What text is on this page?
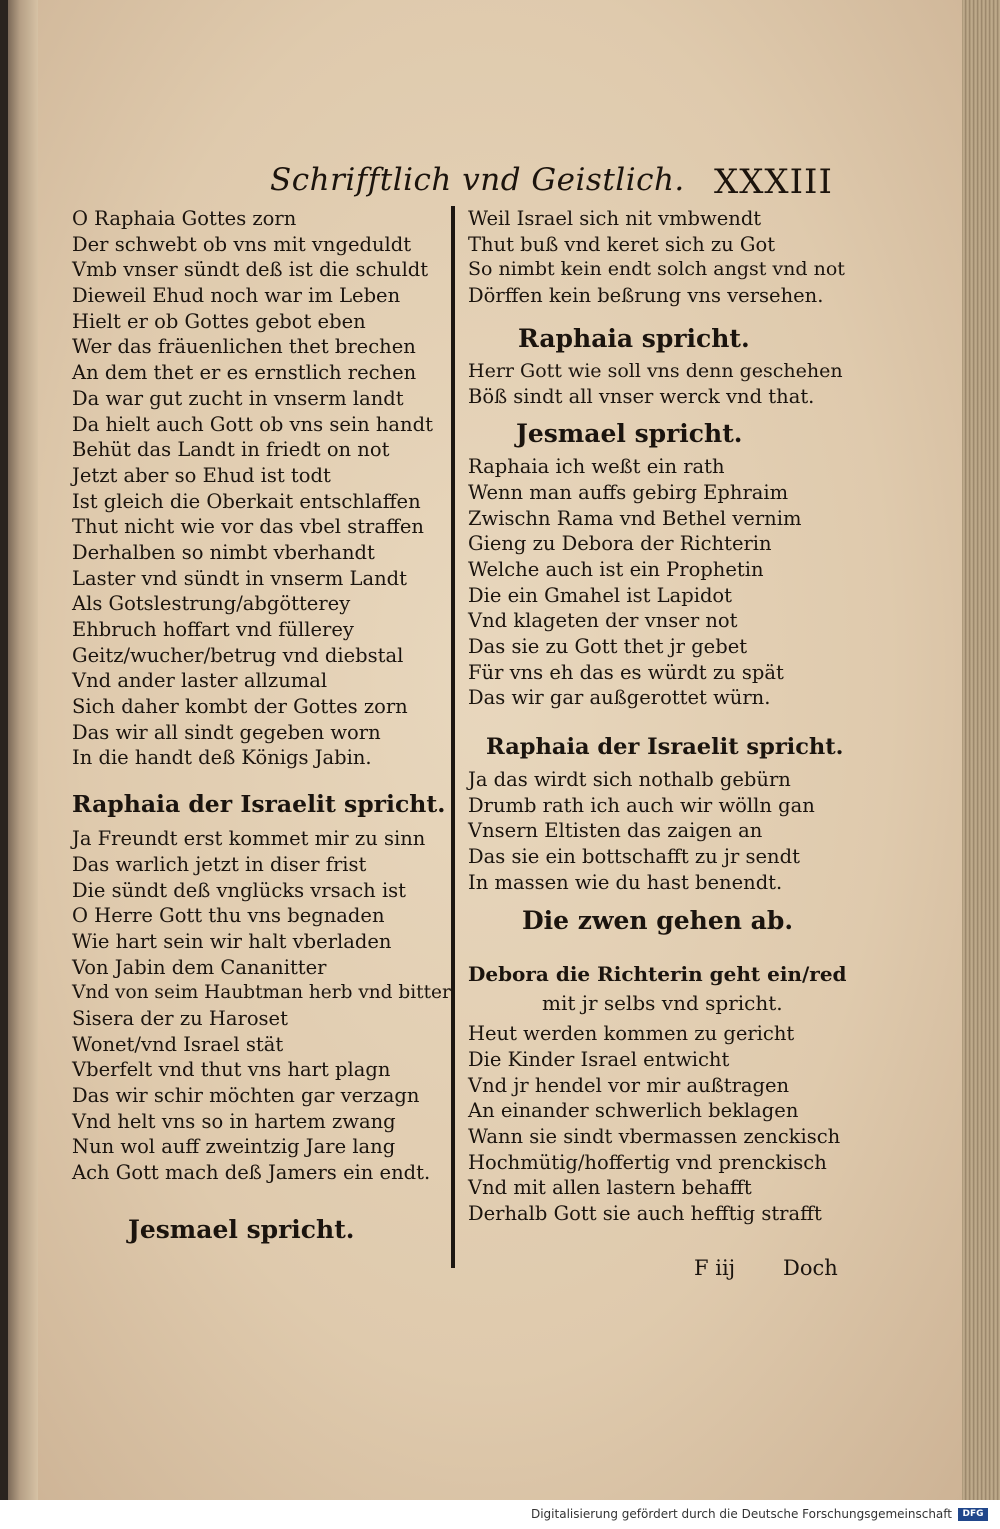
Schrifftlich vnd Geistlich. XXXIII
O Raphaia Gottes zorn
Der schwebt ob vns mit vngeduldt
Vmb vnser sündt deß ist die schuldt
Dieweil Ehud noch war im Leben
Hielt er ob Gottes gebot eben
Wer das fräuenlichen thet brechen
An dem thet er es ernstlich rechen
Da war gut zucht in vnserm landt
Da hielt auch Gott ob vns sein handt
Behüt das Landt in friedt on not
Jetzt aber so Ehud ist todt
Ist gleich die Oberkait entschlaffen
Thut nicht wie vor das vbel straffen
Derhalben so nimbt vberhandt
Laster vnd sündt in vnserm Landt
Als Gotslestrung/abgötterey
Ehbruch hoffart vnd füllerey
Geitz/wucher/betrug vnd diebstal
Vnd ander laster allzumal
Sich daher kombt der Gottes zorn
Das wir all sindt gegeben worn
In die handt deß Königs Jabin.
Raphaia der Israelit spricht.
Ja Freundt erst kommet mir zu sinn
Das warlich jetzt in diser frist
Die sündt deß vnglücks vrsach ist
O Herre Gott thu vns begnaden
Wie hart sein wir halt vberladen
Von Jabin dem Cananitter
Vnd von seim Haubtman herb vnd bitter
Sisera der zu Haroset
Wonet/vnd Israel stät
Vberfelt vnd thut vns hart plagn
Das wir schir möchten gar verzagn
Vnd helt vns so in hartem zwang
Nun wol auff zweintzig Jare lang
Ach Gott mach deß Jamers ein endt.
Jesmael spricht.
Weil Israel sich nit vmbwendt
Thut buß vnd keret sich zu Got
So nimbt kein endt solch angst vnd not
Dörffen kein beßrung vns versehen.
Raphaia spricht.
Herr Gott wie soll vns denn geschehen
Böß sindt all vnser werck vnd that.
Jesmael spricht.
Raphaia ich weßt ein rath
Wenn man auffs gebirg Ephraim
Zwischn Rama vnd Bethel vernim
Gieng zu Debora der Richterin
Welche auch ist ein Prophetin
Die ein Gmahel ist Lapidot
Vnd klageten der vnser not
Das sie zu Gott thet jr gebet
Für vns eh das es würdt zu spät
Das wir gar außgerottet würn.
Raphaia der Israelit spricht.
Ja das wirdt sich nothalb gebürn
Drumb rath ich auch wir wölln gan
Vnsern Eltisten das zaigen an
Das sie ein bottschafft zu jr sendt
In massen wie du hast benendt.
Die zwen gehen ab.
Debora die Richterin geht ein/red
mit jr selbs vnd spricht.
Heut werden kommen zu gericht
Die Kinder Israel entwicht
Vnd jr hendel vor mir außtragen
An einander schwerlich beklagen
Wann sie sindt vbermassen zenckisch
Hochmütig/hoffertig vnd prenckisch
Vnd mit allen lastern behafft
Derhalb Gott sie auch hefftig strafft
F iij Doch
Digitalisierung gefördert durch die Deutsche Forschungsgemeinschaft	DFG
